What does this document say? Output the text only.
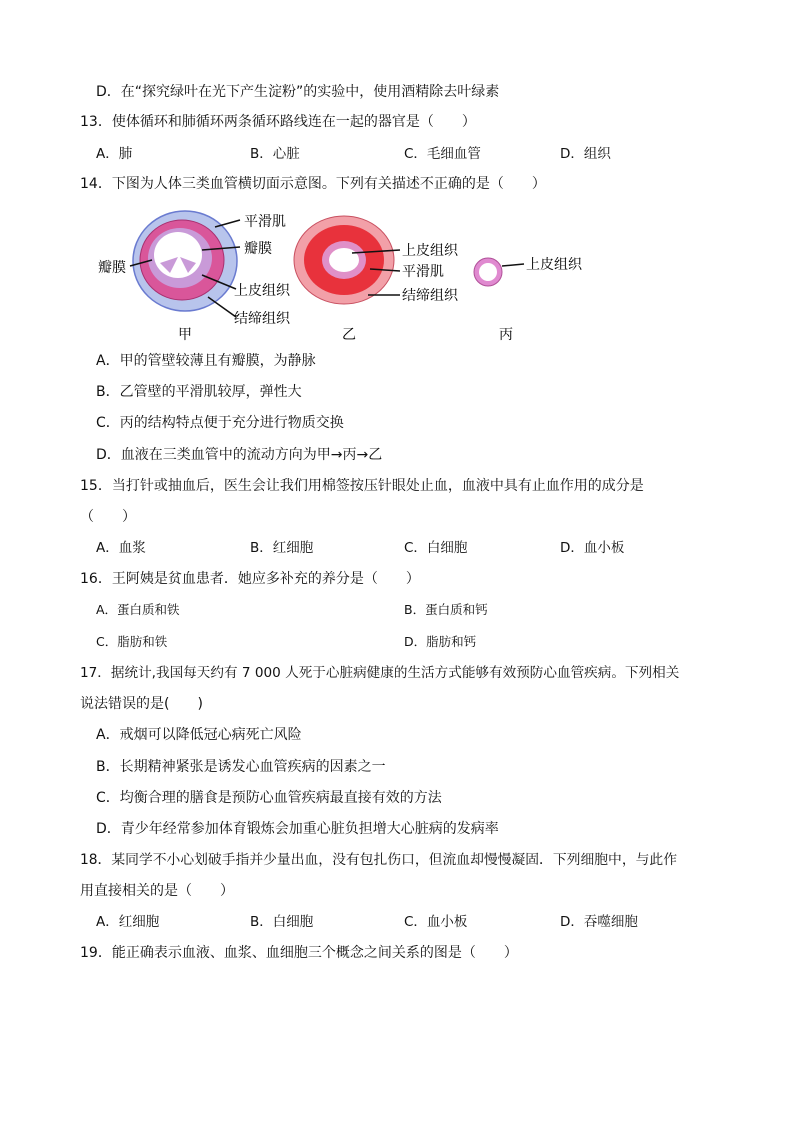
D．在“探究绿叶在光下产生淀粉”的实验中，使用酒精除去叶绿素
13．使体循环和肺循环两条循环路线连在一起的器官是（　　）
A．肺	B．心脏	C．毛细血管	D．组织
14．下图为人体三类血管横切面示意图。下列有关描述不正确的是（　　）
平滑肌
瓣膜
瓣膜
上皮组织
结缔组织
甲
上皮组织
平滑肌
结缔组织
乙
上皮组织
丙
A．甲的管壁较薄且有瓣膜，为静脉
B．乙管壁的平滑肌较厚，弹性大
C．丙的结构特点便于充分进行物质交换
D．血液在三类血管中的流动方向为甲→丙→乙
15．当打针或抽血后，医生会让我们用棉签按压针眼处止血，血液中具有止血作用的成分是
（　　）
A．血浆	B．红细胞	C．白细胞	D．血小板
16．王阿姨是贫血患者．她应多补充的养分是（　　）
A．蛋白质和铁	B．蛋白质和钙
C．脂肪和铁	D．脂肪和钙
17．据统计,我国每天约有 7 000 人死于心脏病健康的生活方式能够有效预防心血管疾病。下列相关
说法错误的是(　　)
A．戒烟可以降低冠心病死亡风险
B．长期精神紧张是诱发心血管疾病的因素之一
C．均衡合理的膳食是预防心血管疾病最直接有效的方法
D．青少年经常参加体育锻炼会加重心脏负担增大心脏病的发病率
18．某同学不小心划破手指并少量出血，没有包扎伤口，但流血却慢慢凝固．下列细胞中，与此作
用直接相关的是（　　）
A．红细胞	B．白细胞	C．血小板	D．吞噬细胞
19．能正确表示血液、血浆、血细胞三个概念之间关系的图是（　　）
